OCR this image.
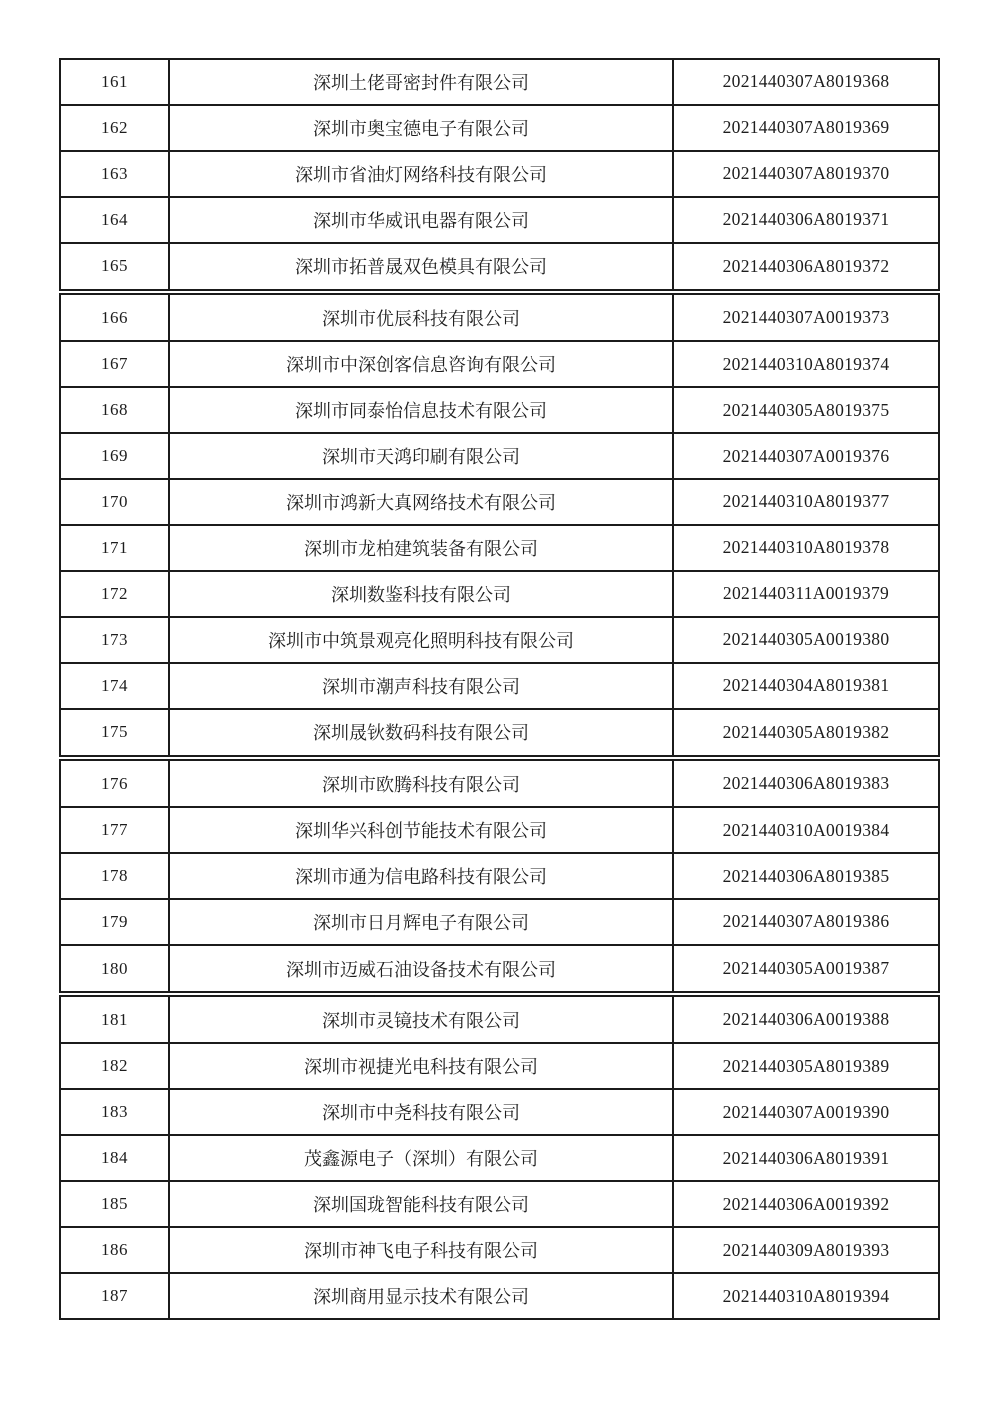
161	深圳土佬哥密封件有限公司	2021440307A8019368
162	深圳市奥宝德电子有限公司	2021440307A8019369
163	深圳市省油灯网络科技有限公司	2021440307A8019370
164	深圳市华威讯电器有限公司	2021440306A8019371
165	深圳市拓普晟双色模具有限公司	2021440306A8019372
166	深圳市优辰科技有限公司	2021440307A0019373
167	深圳市中深创客信息咨询有限公司	2021440310A8019374
168	深圳市同泰怡信息技术有限公司	2021440305A8019375
169	深圳市天鸿印刷有限公司	2021440307A0019376
170	深圳市鸿新大真网络技术有限公司	2021440310A8019377
171	深圳市龙柏建筑装备有限公司	2021440310A8019378
172	深圳数鉴科技有限公司	2021440311A0019379
173	深圳市中筑景观亮化照明科技有限公司	2021440305A0019380
174	深圳市潮声科技有限公司	2021440304A8019381
175	深圳晟钬数码科技有限公司	2021440305A8019382
176	深圳市欧腾科技有限公司	2021440306A8019383
177	深圳华兴科创节能技术有限公司	2021440310A0019384
178	深圳市通为信电路科技有限公司	2021440306A8019385
179	深圳市日月辉电子有限公司	2021440307A8019386
180	深圳市迈威石油设备技术有限公司	2021440305A0019387
181	深圳市灵镜技术有限公司	2021440306A0019388
182	深圳市视捷光电科技有限公司	2021440305A8019389
183	深圳市中尧科技有限公司	2021440307A0019390
184	茂鑫源电子（深圳）有限公司	2021440306A8019391
185	深圳国珑智能科技有限公司	2021440306A0019392
186	深圳市神飞电子科技有限公司	2021440309A8019393
187	深圳商用显示技术有限公司	2021440310A8019394
